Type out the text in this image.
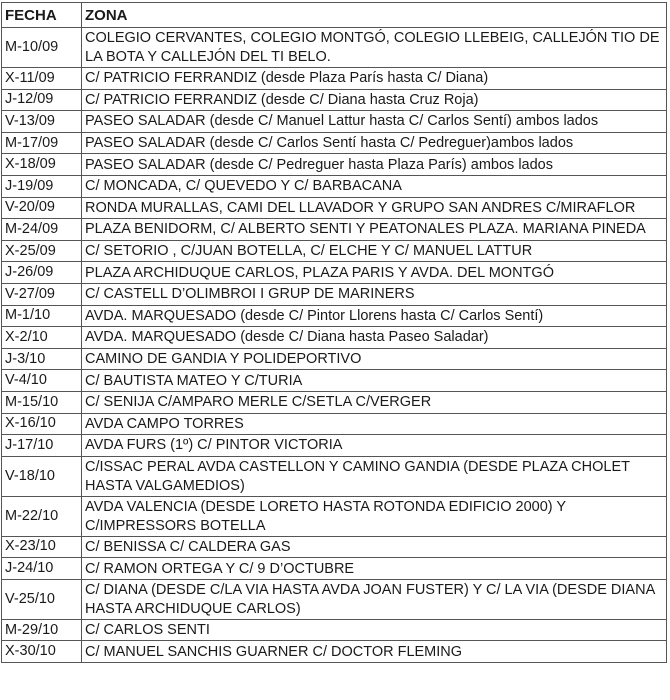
FECHA	ZONA
M-10/09	COLEGIO CERVANTES, COLEGIO MONTGÓ, COLEGIO LLEBEIG, CALLEJÓN TIO DE LA BOTA Y CALLEJÓN DEL TI BELO.
X-11/09	C/ PATRICIO FERRANDIZ (desde Plaza París hasta C/ Diana)
J-12/09	C/ PATRICIO FERRANDIZ (desde C/ Diana hasta Cruz Roja)
V-13/09	PASEO SALADAR (desde C/ Manuel Lattur hasta C/ Carlos Sentí) ambos lados
M-17/09	PASEO SALADAR (desde C/ Carlos Sentí hasta C/ Pedreguer)ambos lados
X-18/09	PASEO SALADAR (desde C/ Pedreguer hasta Plaza París) ambos lados
J-19/09	C/ MONCADA, C/ QUEVEDO Y C/ BARBACANA
V-20/09	RONDA MURALLAS, CAMI DEL LLAVADOR Y GRUPO SAN ANDRES C/MIRAFLOR
M-24/09	PLAZA BENIDORM, C/ ALBERTO SENTI Y PEATONALES PLAZA. MARIANA PINEDA
X-25/09	C/ SETORIO , C/JUAN BOTELLA, C/ ELCHE Y C/ MANUEL LATTUR
J-26/09	PLAZA ARCHIDUQUE CARLOS, PLAZA PARIS Y AVDA. DEL MONTGÓ
V-27/09	C/ CASTELL D’OLIMBROI I GRUP DE MARINERS
M-1/10	AVDA. MARQUESADO (desde C/ Pintor Llorens hasta C/ Carlos Sentí)
X-2/10	AVDA. MARQUESADO (desde C/ Diana hasta Paseo Saladar)
J-3/10	CAMINO DE GANDIA Y POLIDEPORTIVO
V-4/10	C/ BAUTISTA MATEO Y C/TURIA
M-15/10	C/ SENIJA C/AMPARO MERLE C/SETLA C/VERGER
X-16/10	AVDA CAMPO TORRES
J-17/10	AVDA FURS (1º) C/ PINTOR VICTORIA
V-18/10	C/ISSAC PERAL AVDA CASTELLON Y CAMINO GANDIA (DESDE PLAZA CHOLET HASTA VALGAMEDIOS)
M-22/10	AVDA VALENCIA (DESDE LORETO HASTA ROTONDA EDIFICIO 2000) Y C/IMPRESSORS BOTELLA
X-23/10	C/ BENISSA C/ CALDERA GAS
J-24/10	C/ RAMON ORTEGA Y C/ 9 D’OCTUBRE
V-25/10	C/ DIANA (DESDE C/LA VIA HASTA AVDA JOAN FUSTER) Y C/ LA VIA (DESDE DIANA HASTA ARCHIDUQUE CARLOS)
M-29/10	C/ CARLOS SENTI
X-30/10	C/ MANUEL SANCHIS GUARNER C/ DOCTOR FLEMING
